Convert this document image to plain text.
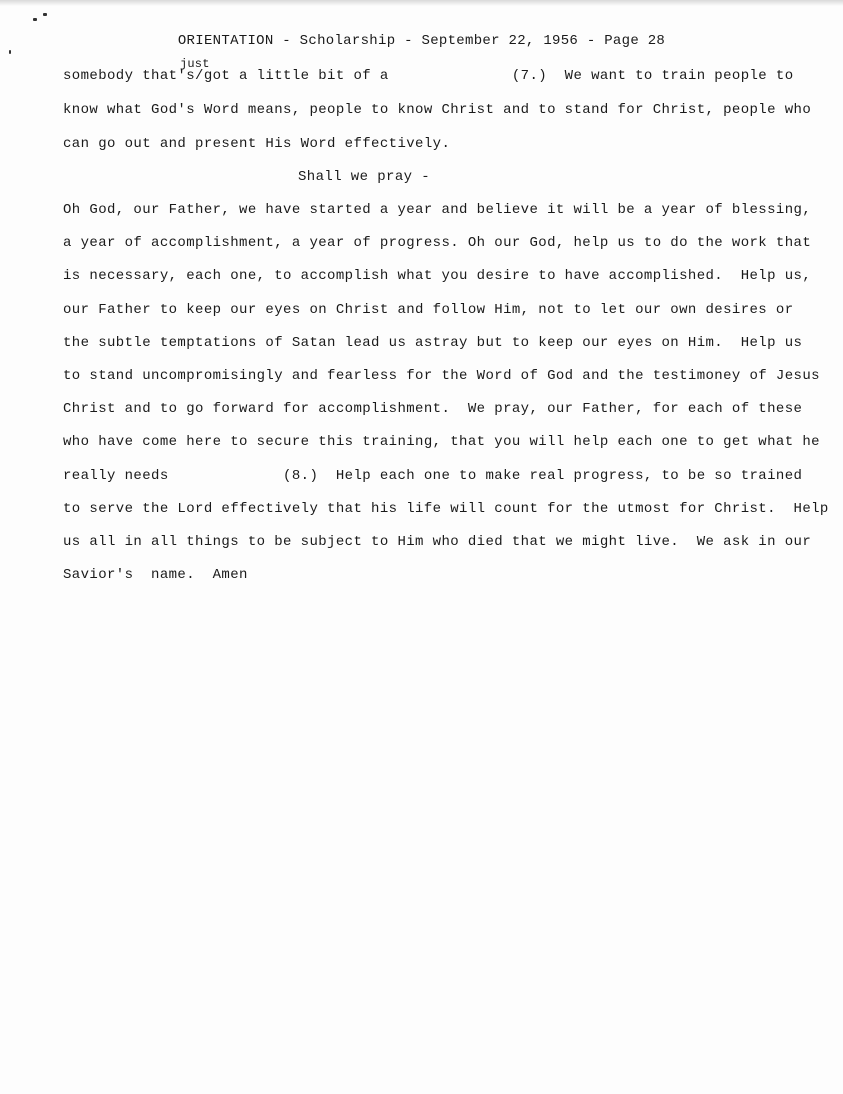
ORIENTATION - Scholarship - September 22, 1956 - Page 28
just
somebody that's/got a little bit of a              (7.)  We want to train people to
know what God's Word means, people to know Christ and to stand for Christ, people who
can go out and present His Word effectively.
Shall we pray -
Oh God, our Father, we have started a year and believe it will be a year of blessing,
a year of accomplishment, a year of progress. Oh our God, help us to do the work that
is necessary, each one, to accomplish what you desire to have accomplished.  Help us,
our Father to keep our eyes on Christ and follow Him, not to let our own desires or
the subtle temptations of Satan lead us astray but to keep our eyes on Him.  Help us
to stand uncompromisingly and fearless for the Word of God and the testimoney of Jesus
Christ and to go forward for accomplishment.  We pray, our Father, for each of these
who have come here to secure this training, that you will help each one to get what he
really needs             (8.)  Help each one to make real progress, to be so trained
to serve the Lord effectively that his life will count for the utmost for Christ.  Help
us all in all things to be subject to Him who died that we might live.  We ask in our
Savior's  name.  Amen
